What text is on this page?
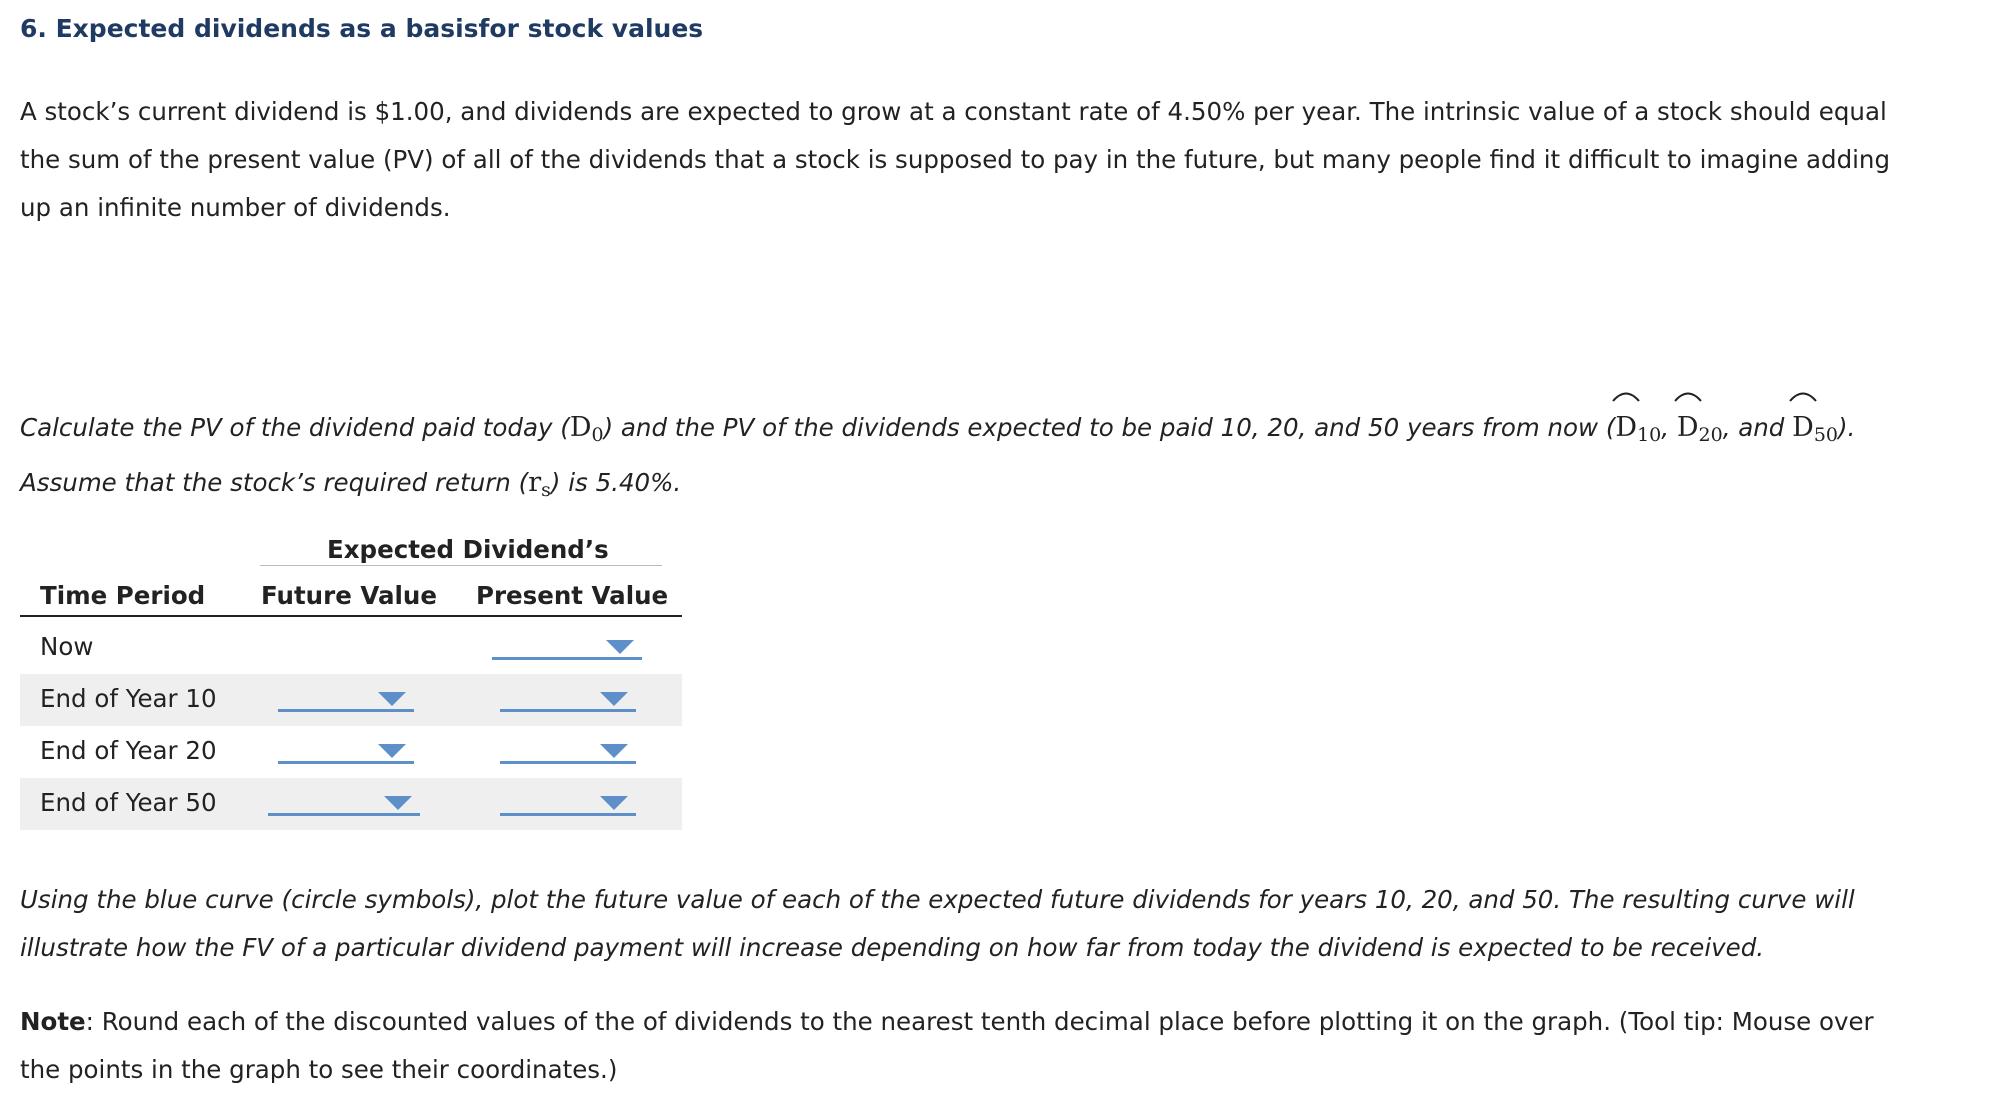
6. Expected dividends as a basisfor stock values

A stock’s current dividend is $1.00, and dividends are expected to grow at a constant rate of 4.50% per year. The intrinsic value of a stock should equal the sum of the present value (PV) of all of the dividends that a stock is supposed to pay in the future, but many people find it difficult to imagine adding up an infinite number of dividends.

Calculate the PV of the dividend paid today $(D_0)$ and the PV of the dividends expected to be paid 10, 20, and 50 years from now (
$D_{10}$,
$D_{20}$, and $D_{50}$). Assume that the stock’s required return $(r_s)$ is 5.40%.

Expected Dividend’s
Time Period Future Value Present Value
Now
End of Year 10
End of Year 20
End of Year 50

Using the blue curve (circle symbols), plot the future value of each of the expected future dividends for years 10, 20, and 50. The resulting curve will illustrate how the FV of a particular dividend payment will increase depending on how far from today the dividend is expected to be received.

Note: Round each of the discounted values of the of dividends to the nearest tenth decimal place before plotting it on the graph. (Tool tip: Mouse over the points in the graph to see their coordinates.)
